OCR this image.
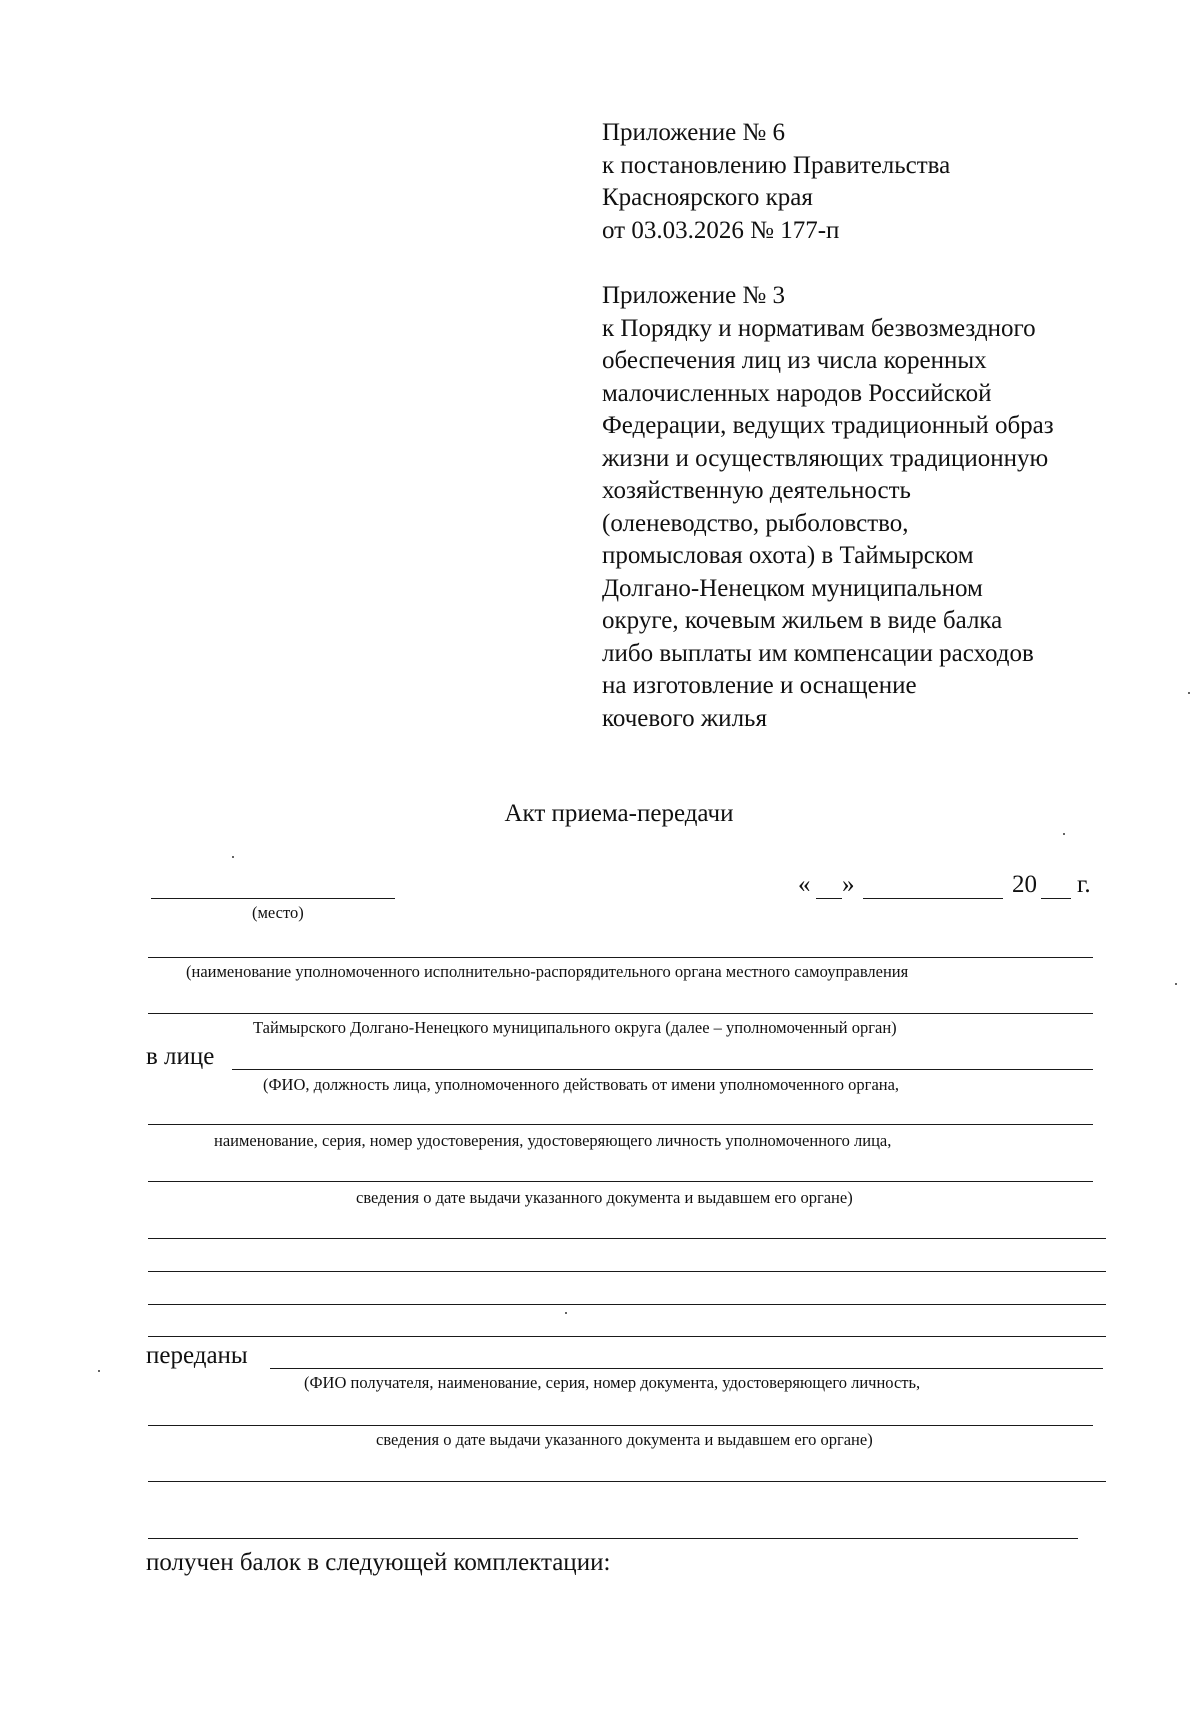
Приложение № 6
к постановлению Правительства
Красноярского края
от 03.03.2026 № 177-п
Приложение № 3
к Порядку и нормативам безвозмездного
обеспечения лиц из числа коренных
малочисленных народов Российской
Федерации, ведущих традиционный образ
жизни и осуществляющих традиционную
хозяйственную деятельность
(оленеводство, рыболовство,
промысловая охота) в Таймырском
Долгано-Ненецком муниципальном
округе, кочевым жильем в виде балка
либо выплаты им компенсации расходов
на изготовление и оснащение
кочевого жилья
Акт приема-передачи
(место)
« »	20 г.
(наименование уполномоченного исполнительно-распорядительного органа местного самоуправления
Таймырского Долгано-Ненецкого муниципального округа (далее – уполномоченный орган)
в лице
(ФИО, должность лица, уполномоченного действовать от имени уполномоченного органа,
наименование, серия, номер удостоверения, удостоверяющего личность уполномоченного лица,
сведения о дате выдачи указанного документа и выдавшем его органе)
переданы
(ФИО получателя, наименование, серия, номер документа, удостоверяющего личность,
сведения о дате выдачи указанного документа и выдавшем его органе)
получен балок в следующей комплектации:
